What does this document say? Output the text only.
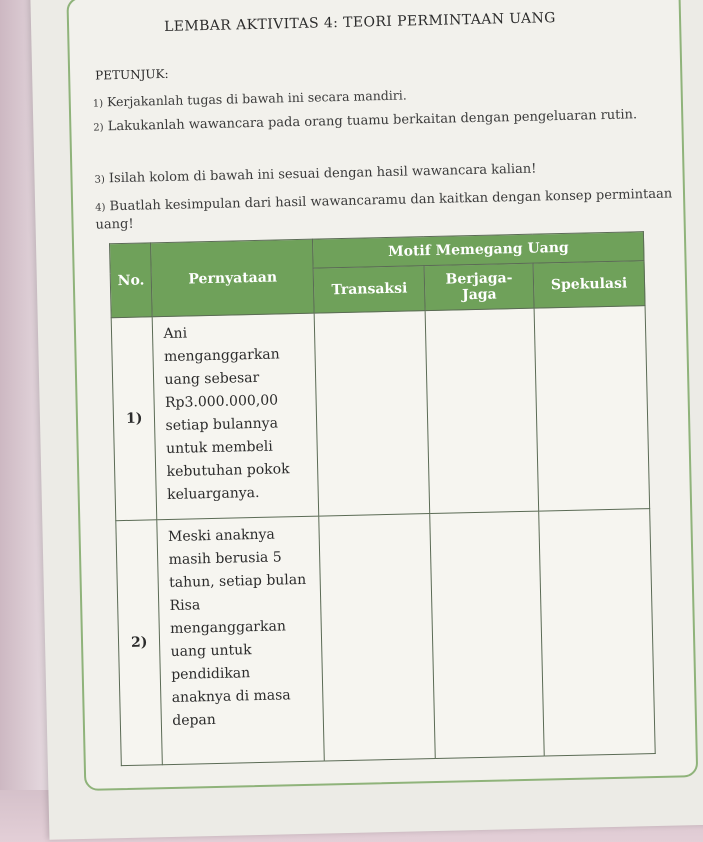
LEMBAR AKTIVITAS 4: TEORI PERMINTAAN UANG
PETUNJUK:
1) Kerjakanlah tugas di bawah ini secara mandiri.
2) Lakukanlah wawancara pada orang tuamu berkaitan dengan pengeluaran rutin.
3) Isilah kolom di bawah ini sesuai dengan hasil wawancara kalian!
4) Buatlah kesimpulan dari hasil wawancaramu dan kaitkan dengan konsep permintaan uang!
No.	Pernyataan	Motif Memegang Uang		
		Transaksi	Berjaga-Jaga	Spekulasi
1)	Ani menganggarkan uang sebesar Rp3.000.000,00 setiap bulannya untuk membeli kebutuhan pokok keluarganya.			
2)	Meski anaknya masih berusia 5 tahun, setiap bulan Risa menganggarkan uang untuk pendidikan anaknya di masa depan			
